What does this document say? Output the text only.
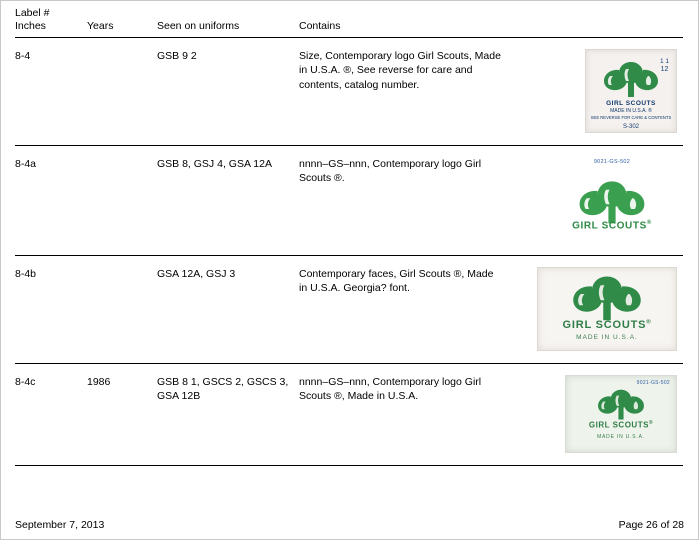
Label #
Inches	Years	Seen on uniforms	Contains
8-4		GSB 9 2	Size, Contemporary logo Girl Scouts, Made in U.S.A. ®, See reverse for care and contents, catalog number.
1 1
12
GIRL SCOUTS
MADE IN U.S.A. ®
SEE REVERSE FOR CARE & CONTENTS
S-302

8-4a		GSB 8, GSJ 4, GSA 12A	nnnn–GS–nnn, Contemporary logo Girl Scouts ®.
9021-GS-502
GIRL SCOUTS®

8-4b		GSA 12A, GSJ 3	Contemporary faces, Girl Scouts ®, Made in U.S.A. Georgia? font.
GIRL SCOUTS®
MADE IN U.S.A.

8-4c	1986	GSB 8 1, GSCS 2, GSCS 3, GSA 12B	nnnn–GS–nnn, Contemporary logo Girl Scouts ®, Made in U.S.A.
9021-GS-502
GIRL SCOUTS®
MADE IN U.S.A.
September 7, 2013	Page 26 of 28
